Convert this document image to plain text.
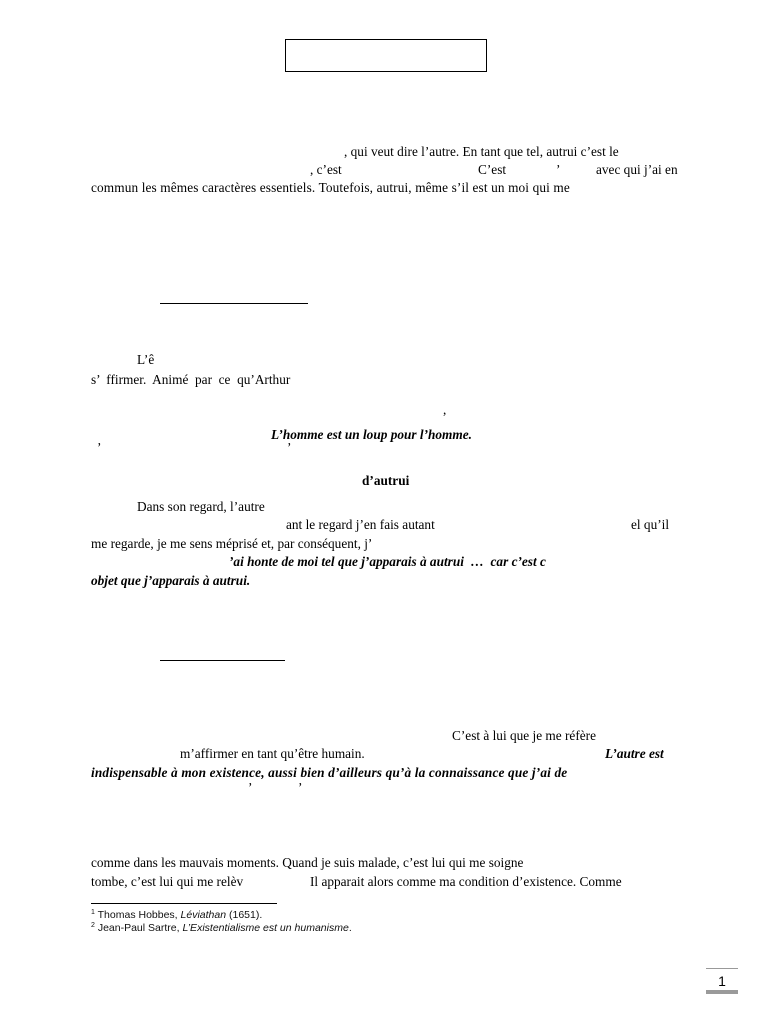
, qui veut dire l’autre. En tant que tel, autrui c’est le
, c’est	C’est	’	avec qui j’ai en
commun les mêmes caractères essentiels. Toutefois, autrui, même s’il est un moi qui me
L’ê
s’  ffirmer.  Animé  par  ce  qu’Arthur
,
L’homme est un loup pour l’homme.
’	’
d’autrui
Dans son regard, l’autre
ant le regard j’en fais autant	el qu’il
me regarde, je me sens méprisé et, par conséquent, j’
’ai honte de moi tel que j’apparais à autrui  …  car c’est c
objet que j’apparais à autrui.
C’est à lui que je me réfère
m’affirmer en tant qu’être humain.	L’autre est
indispensable à mon existence, aussi bien d’ailleurs qu’à la connaissance que j’ai de
’	’
comme dans les mauvais moments. Quand je suis malade, c’est lui qui me soigne
tombe, c’est lui qui me relèv	Il apparait alors comme ma condition d’existence. Comme
$^1$ Thomas Hobbes, Léviathan (1651).
$^2$ Jean-Paul Sartre, L’Existentialisme est un humanisme.
1
